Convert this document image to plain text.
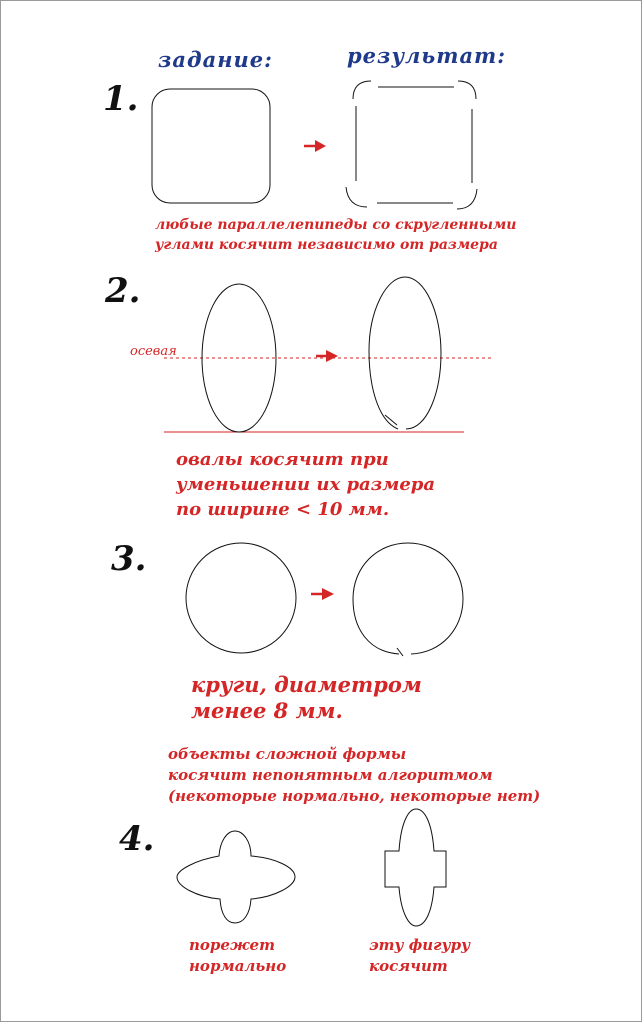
задание:	результат:
1.
2.
3.
4.
любые параллелепипеды со скругленными
углами косячит независимо от размера
осевая
овалы косячит при
уменьшении их размера
по ширине < 10 мм.
круги, диаметром
менее 8 мм.
объекты сложной формы
косячит непонятным алгоритмом
(некоторые нормально, некоторые нет)
порежет
нормально
эту фигуру
косячит
